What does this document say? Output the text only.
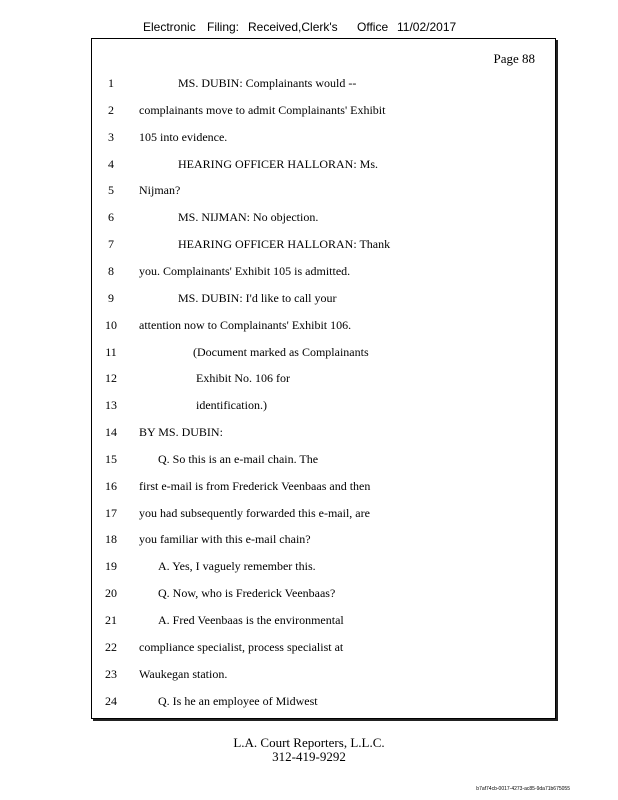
Electronic Filing: Received,Clerk's Office 11/02/2017
Page 88
1	MS. DUBIN: Complainants would --
2	complainants move to admit Complainants' Exhibit
3	105 into evidence.
4	HEARING OFFICER HALLORAN: Ms.
5	Nijman?
6	MS. NIJMAN: No objection.
7	HEARING OFFICER HALLORAN: Thank
8	you. Complainants' Exhibit 105 is admitted.
9	MS. DUBIN: I'd like to call your
10	attention now to Complainants' Exhibit 106.
11	(Document marked as Complainants
12	Exhibit No. 106 for
13	identification.)
14	BY MS. DUBIN:
15	Q. So this is an e-mail chain. The
16	first e-mail is from Frederick Veenbaas and then
17	you had subsequently forwarded this e-mail, are
18	you familiar with this e-mail chain?
19	A. Yes, I vaguely remember this.
20	Q. Now, who is Frederick Veenbaas?
21	A. Fred Veenbaas is the environmental
22	compliance specialist, process specialist at
23	Waukegan station.
24	Q. Is he an employee of Midwest
L.A. Court Reporters, L.L.C.
312-419-9292
b7af74cb-0017-4273-ac85-9da71b675055
